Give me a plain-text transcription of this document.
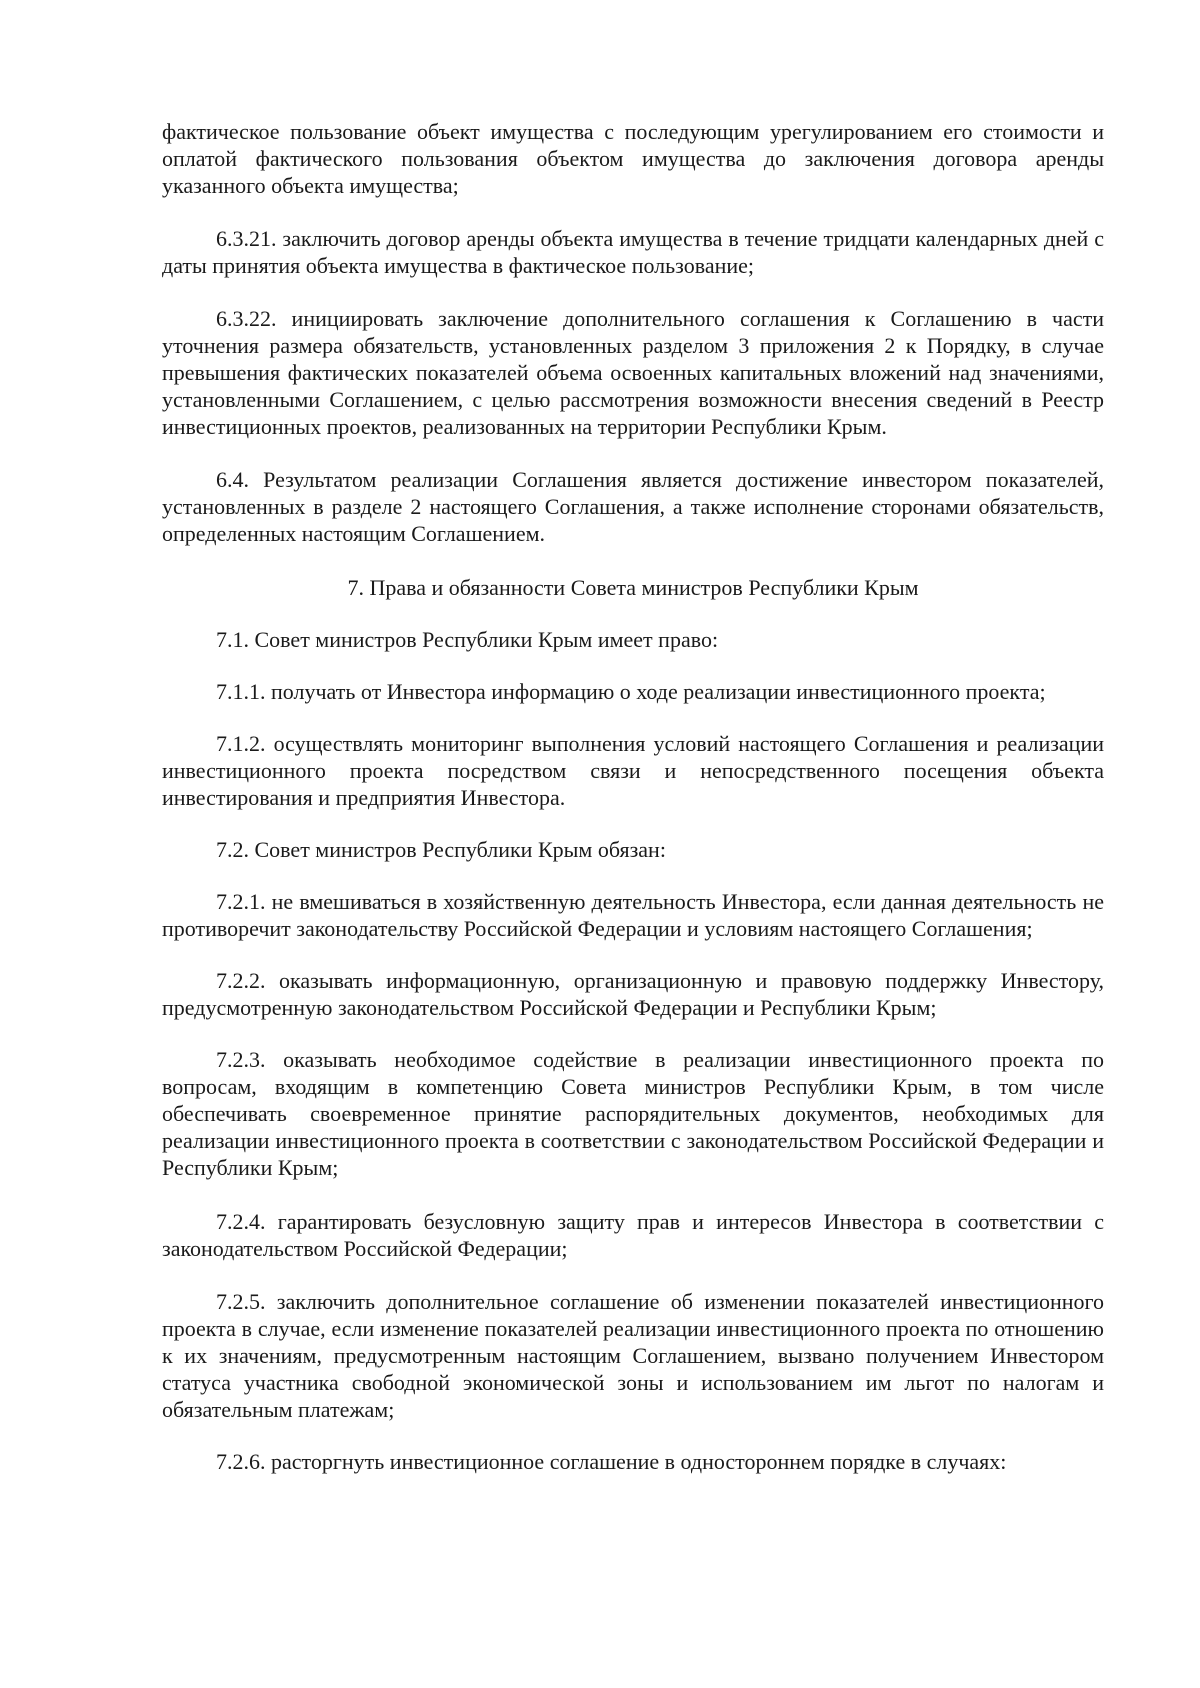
фактическое пользование объект имущества с последующим урегулированием его стоимости и оплатой фактического пользования объектом имущества до заключения договора аренды указанного объекта имущества;

6.3.21. заключить договор аренды объекта имущества в течение тридцати календарных дней с даты принятия объекта имущества в фактическое пользование;

6.3.22. инициировать заключение дополнительного соглашения к Соглашению в части уточнения размера обязательств, установленных разделом 3 приложения 2 к Порядку, в случае превышения фактических показателей объема освоенных капитальных вложений над значениями, установленными Соглашением, с целью рассмотрения возможности внесения сведений в Реестр инвестиционных проектов, реализованных на территории Республики Крым.

6.4. Результатом реализации Соглашения является достижение инвестором показателей, установленных в разделе 2 настоящего Соглашения, а также исполнение сторонами обязательств, определенных настоящим Соглашением.

7. Права и обязанности Совета министров Республики Крым

7.1. Совет министров Республики Крым имеет право:

7.1.1. получать от Инвестора информацию о ходе реализации инвестиционного проекта;

7.1.2. осуществлять мониторинг выполнения условий настоящего Соглашения и реализации инвестиционного проекта посредством связи и непосредственного посещения объекта инвестирования и предприятия Инвестора.

7.2. Совет министров Республики Крым обязан:

7.2.1. не вмешиваться в хозяйственную деятельность Инвестора, если данная деятельность не противоречит законодательству Российской Федерации и условиям настоящего Соглашения;

7.2.2. оказывать информационную, организационную и правовую поддержку Инвестору, предусмотренную законодательством Российской Федерации и Республики Крым;

7.2.3. оказывать необходимое содействие в реализации инвестиционного проекта по вопросам, входящим в компетенцию Совета министров Республики Крым, в том числе обеспечивать своевременное принятие распорядительных документов, необходимых для реализации инвестиционного проекта в соответствии с законодательством Российской Федерации и Республики Крым;

7.2.4. гарантировать безусловную защиту прав и интересов Инвестора в соответствии с законодательством Российской Федерации;

7.2.5. заключить дополнительное соглашение об изменении показателей инвестиционного проекта в случае, если изменение показателей реализации инвестиционного проекта по отношению к их значениям, предусмотренным настоящим Соглашением, вызвано получением Инвестором статуса участника свободной экономической зоны и использованием им льгот по налогам и обязательным платежам;

7.2.6. расторгнуть инвестиционное соглашение в одностороннем порядке в случаях:
